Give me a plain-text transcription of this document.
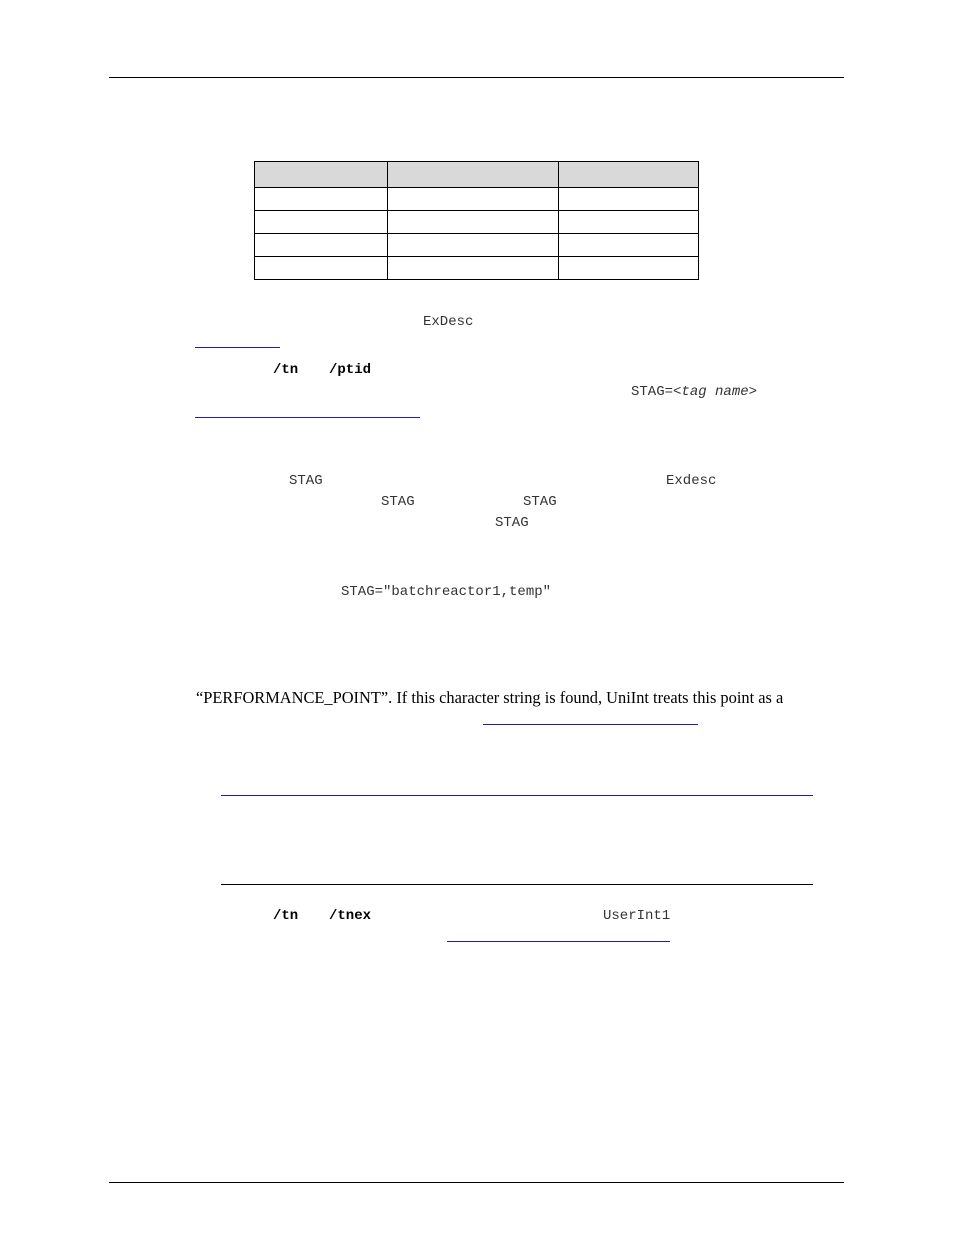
ExDesc
/tn /ptid
STAG=<tag name>
STAG	Exdesc
STAG	STAG
STAG
STAG="batchreactor1,temp"
“PERFORMANCE_POINT”. If this character string is found, UniInt treats this point as a
/tn /tnex	UserInt1
